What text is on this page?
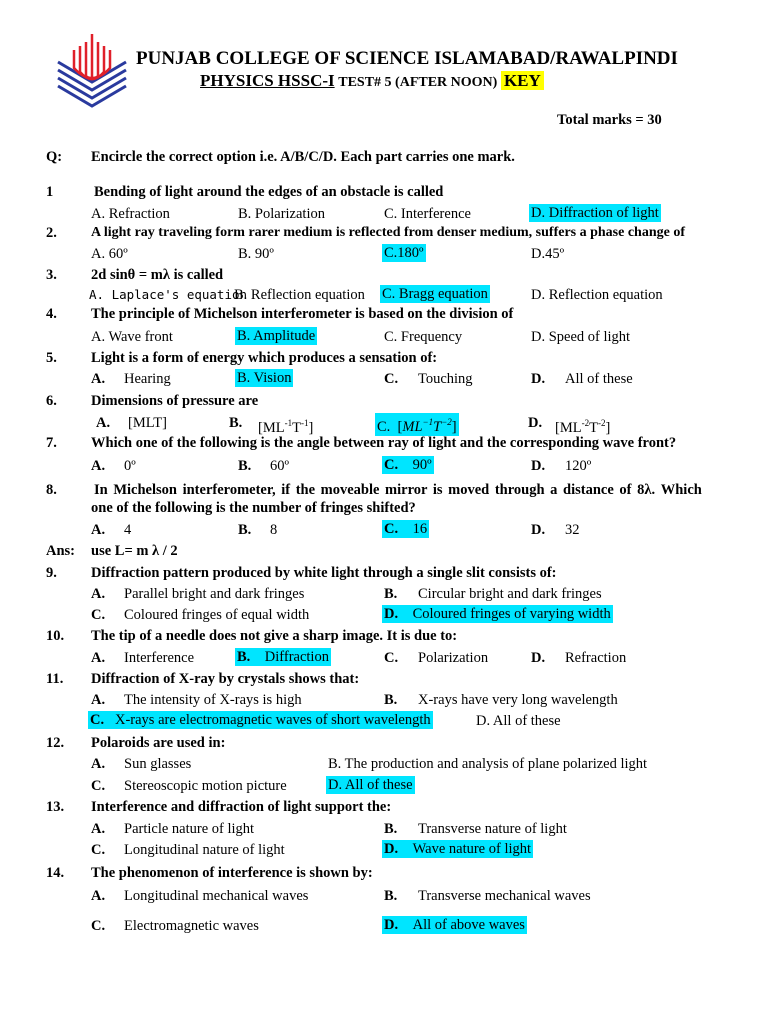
PUNJAB COLLEGE OF SCIENCE ISLAMABAD/RAWALPINDI
PHYSICS HSSC-I TEST# 5 (AFTER NOON) KEY
Total marks = 30
Q: Encircle the correct option i.e. A/B/C/D. Each part carries one mark.
1	Bending of light around the edges of an obstacle is called
A. Refraction	B. Polarization	C. Interference	D. Diffraction of light
2. A light ray traveling form rarer medium is reflected from denser medium, suffers a phase change of
A. 60º	B. 90º	C.180º	D.45º
3. 2d sinθ = mλ is called
A. Laplace's equation
B. Reflection equation C. Bragg equation	D. Reflection equation
4. The principle of Michelson interferometer is based on the division of
A. Wave front	B. Amplitude	C. Frequency	D. Speed of light
5. Light is a form of energy which produces a sensation of:
A. Hearing	B. Vision	C. Touching	D. All of these
6. Dimensions of pressure are
A. [MLT]	B. $[ML^{-1}T^{-1}]$	C.  $[ML^{-1}T^{-2}]$	D. $[ML^{-2}T^{-2}]$
7. Which one of the following is the angle between ray of light and the corresponding wave front?
A. 0º	B. 60º	C. 90º	D. 120º
8.	In Michelson interferometer, if the moveable mirror is moved through a distance of 8λ. Which
one of the following is the number of fringes shifted?
A. 4	B. 8	C. 16	D. 32
Ans: use L= m λ / 2
9. Diffraction pattern produced by white light through a single slit consists of:
A. Parallel bright and dark fringes	B. Circular bright and dark fringes
C. Coloured fringes of equal width	D. Coloured fringes of varying width
10. The tip of a needle does not give a sharp image. It is due to:
A. Interference	B. Diffraction	C. Polarization	D. Refraction
11. Diffraction of X-ray by crystals shows that:
A. The intensity of X-rays is high	B. X-rays have very long wavelength
C. X-rays are electromagnetic waves of short wavelength	D. All of these
12. Polaroids are used in:
A. Sun glasses	B. The production and analysis of plane polarized light
C. Stereoscopic motion picture	D. All of these
13. Interference and diffraction of light support the:
A. Particle nature of light	B. Transverse nature of light
C. Longitudinal nature of light	D. Wave nature of light
14. The phenomenon of interference is shown by:
A. Longitudinal mechanical waves	B. Transverse mechanical waves
C. Electromagnetic waves	D. All of above waves
